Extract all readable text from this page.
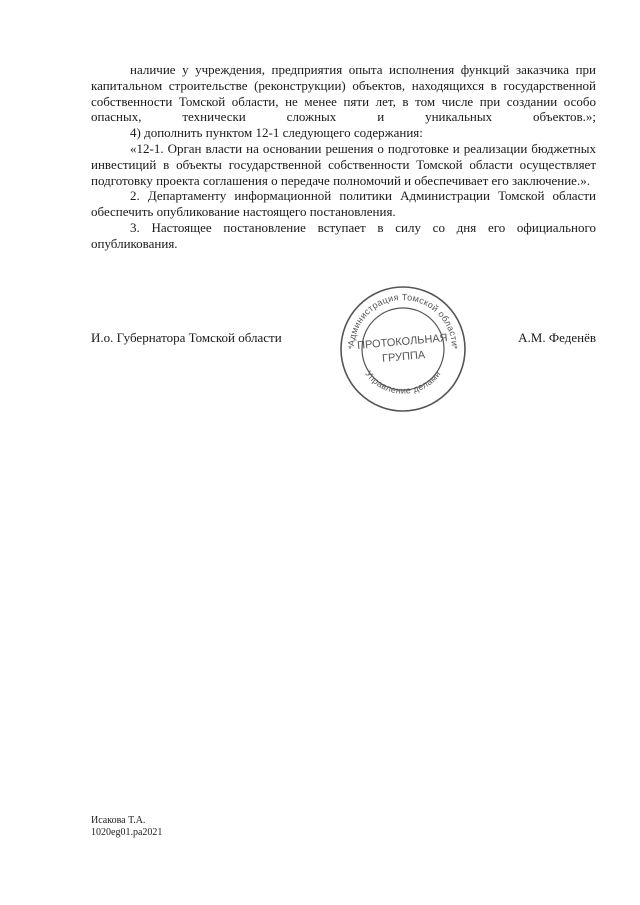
наличие у учреждения, предприятия опыта исполнения функций заказчика при капитальном строительстве (реконструкции) объектов, находящихся в государственной собственности Томской области, не менее пяти лет, в том числе при создании особо опасных, технически сложных и уникальных объектов.»;

4) дополнить пунктом 12-1 следующего содержания:

«12-1. Орган власти на основании решения о подготовке и реализации бюджетных инвестиций в объекты государственной собственности Томской области осуществляет подготовку проекта соглашения о передаче полномочий и обеспечивает его заключение.».

2. Департаменту информационной политики Администрации Томской области обеспечить опубликование настоящего постановления.

3. Настоящее постановление вступает в силу со дня его официального опубликования.

И.о. Губернатора Томской области	А.М. Феденёв
Администрация Томской области
Управление делами
*	*
ПРОТОКОЛЬНАЯ
ГРУППА
Исакова Т.А.
1020eg01.pa2021
